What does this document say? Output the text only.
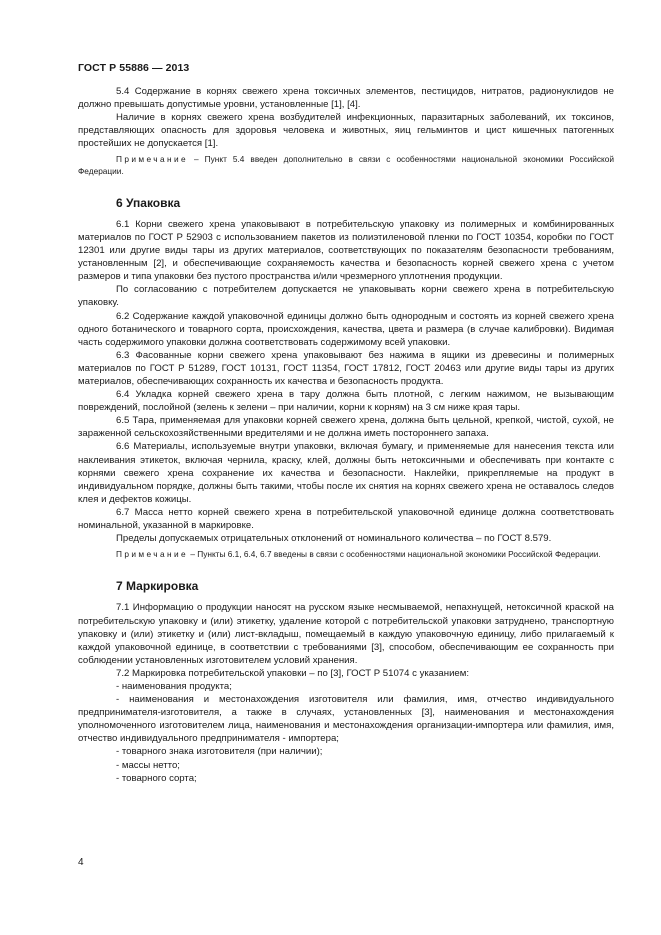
ГОСТ Р 55886 — 2013

5.4 Содержание в корнях свежего хрена токсичных элементов, пестицидов, нитратов, радионуклидов не должно превышать допустимые уровни, установленные [1], [4].

Наличие в корнях свежего хрена возбудителей инфекционных, паразитарных заболеваний, их токсинов, представляющих опасность для здоровья человека и животных, яиц гельминтов и цист кишечных патогенных простейших не допускается [1].

Примечание – Пункт 5.4 введен дополнительно в связи с особенностями национальной экономики Российской Федерации.

6 Упаковка

6.1 Корни свежего хрена упаковывают в потребительскую упаковку из полимерных и комбинированных материалов по ГОСТ Р 52903 с использованием пакетов из полиэтиленовой пленки по ГОСТ 10354, коробки по ГОСТ 12301 или другие виды тары из других материалов, соответствующих по показателям безопасности требованиям, установленным [2], и обеспечивающие сохраняемость качества и безопасность корней свежего хрена с учетом размеров и типа упаковки без пустого пространства и/или чрезмерного уплотнения продукции.

По согласованию с потребителем допускается не упаковывать корни свежего хрена в потребительскую упаковку.

6.2 Содержание каждой упаковочной единицы должно быть однородным и состоять из корней свежего хрена одного ботанического и товарного сорта, происхождения, качества, цвета и размера (в случае калибровки). Видимая часть содержимого упаковки должна соответствовать содержимому всей упаковки.

6.3 Фасованные корни свежего хрена упаковывают без нажима в ящики из древесины и полимерных материалов по ГОСТ Р 51289, ГОСТ 10131, ГОСТ 11354, ГОСТ 17812, ГОСТ 20463 или другие виды тары из других материалов, обеспечивающих сохранность их качества и безопасность продукта.

6.4 Укладка корней свежего хрена в тару должна быть плотной, с легким нажимом, не вызывающим повреждений, послойной (зелень к зелени – при наличии, корни к корням) на 3 см ниже края тары.

6.5 Тара, применяемая для упаковки корней свежего хрена, должна быть цельной, крепкой, чистой, сухой, не зараженной сельскохозяйственными вредителями и не должна иметь постороннего запаха.

6.6 Материалы, используемые внутри упаковки, включая бумагу, и применяемые для нанесения текста или наклеивания этикеток, включая чернила, краску, клей, должны быть нетоксичными и обеспечивать при контакте с корнями свежего хрена сохранение их качества и безопасности. Наклейки, прикрепляемые на продукт в индивидуальном порядке, должны быть такими, чтобы после их снятия на корнях свежего хрена не оставалось следов клея и дефектов кожицы.

6.7 Масса нетто корней свежего хрена в потребительской упаковочной единице должна соответствовать номинальной, указанной в маркировке.

Пределы допускаемых отрицательных отклонений от номинального количества – по ГОСТ 8.579.

Примечание – Пункты 6.1, 6.4, 6.7 введены в связи с особенностями национальной экономики Российской Федерации.

7 Маркировка

7.1 Информацию о продукции наносят на русском языке несмываемой, непахнущей, нетоксичной краской на потребительскую упаковку и (или) этикетку, удаление которой с потребительской упаковки затруднено, транспортную упаковку и (или) этикетку и (или) лист-вкладыш, помещаемый в каждую упаковочную единицу, либо прилагаемый к каждой упаковочной единице, в соответствии с требованиями [3], способом, обеспечивающим ее сохранность при соблюдении установленных изготовителем условий хранения.

7.2 Маркировка потребительской упаковки – по [3], ГОСТ Р 51074 с указанием:

- наименования продукта;

- наименования и местонахождения изготовителя или фамилия, имя, отчество индивидуального предпринимателя-изготовителя, а также в случаях, установленных [3], наименования и местонахождения уполномоченного изготовителем лица, наименования и местонахождения организации-импортера или фамилия, имя, отчество индивидуального предпринимателя - импортера;

- товарного знака изготовителя (при наличии);

- массы нетто;

- товарного сорта;

4
